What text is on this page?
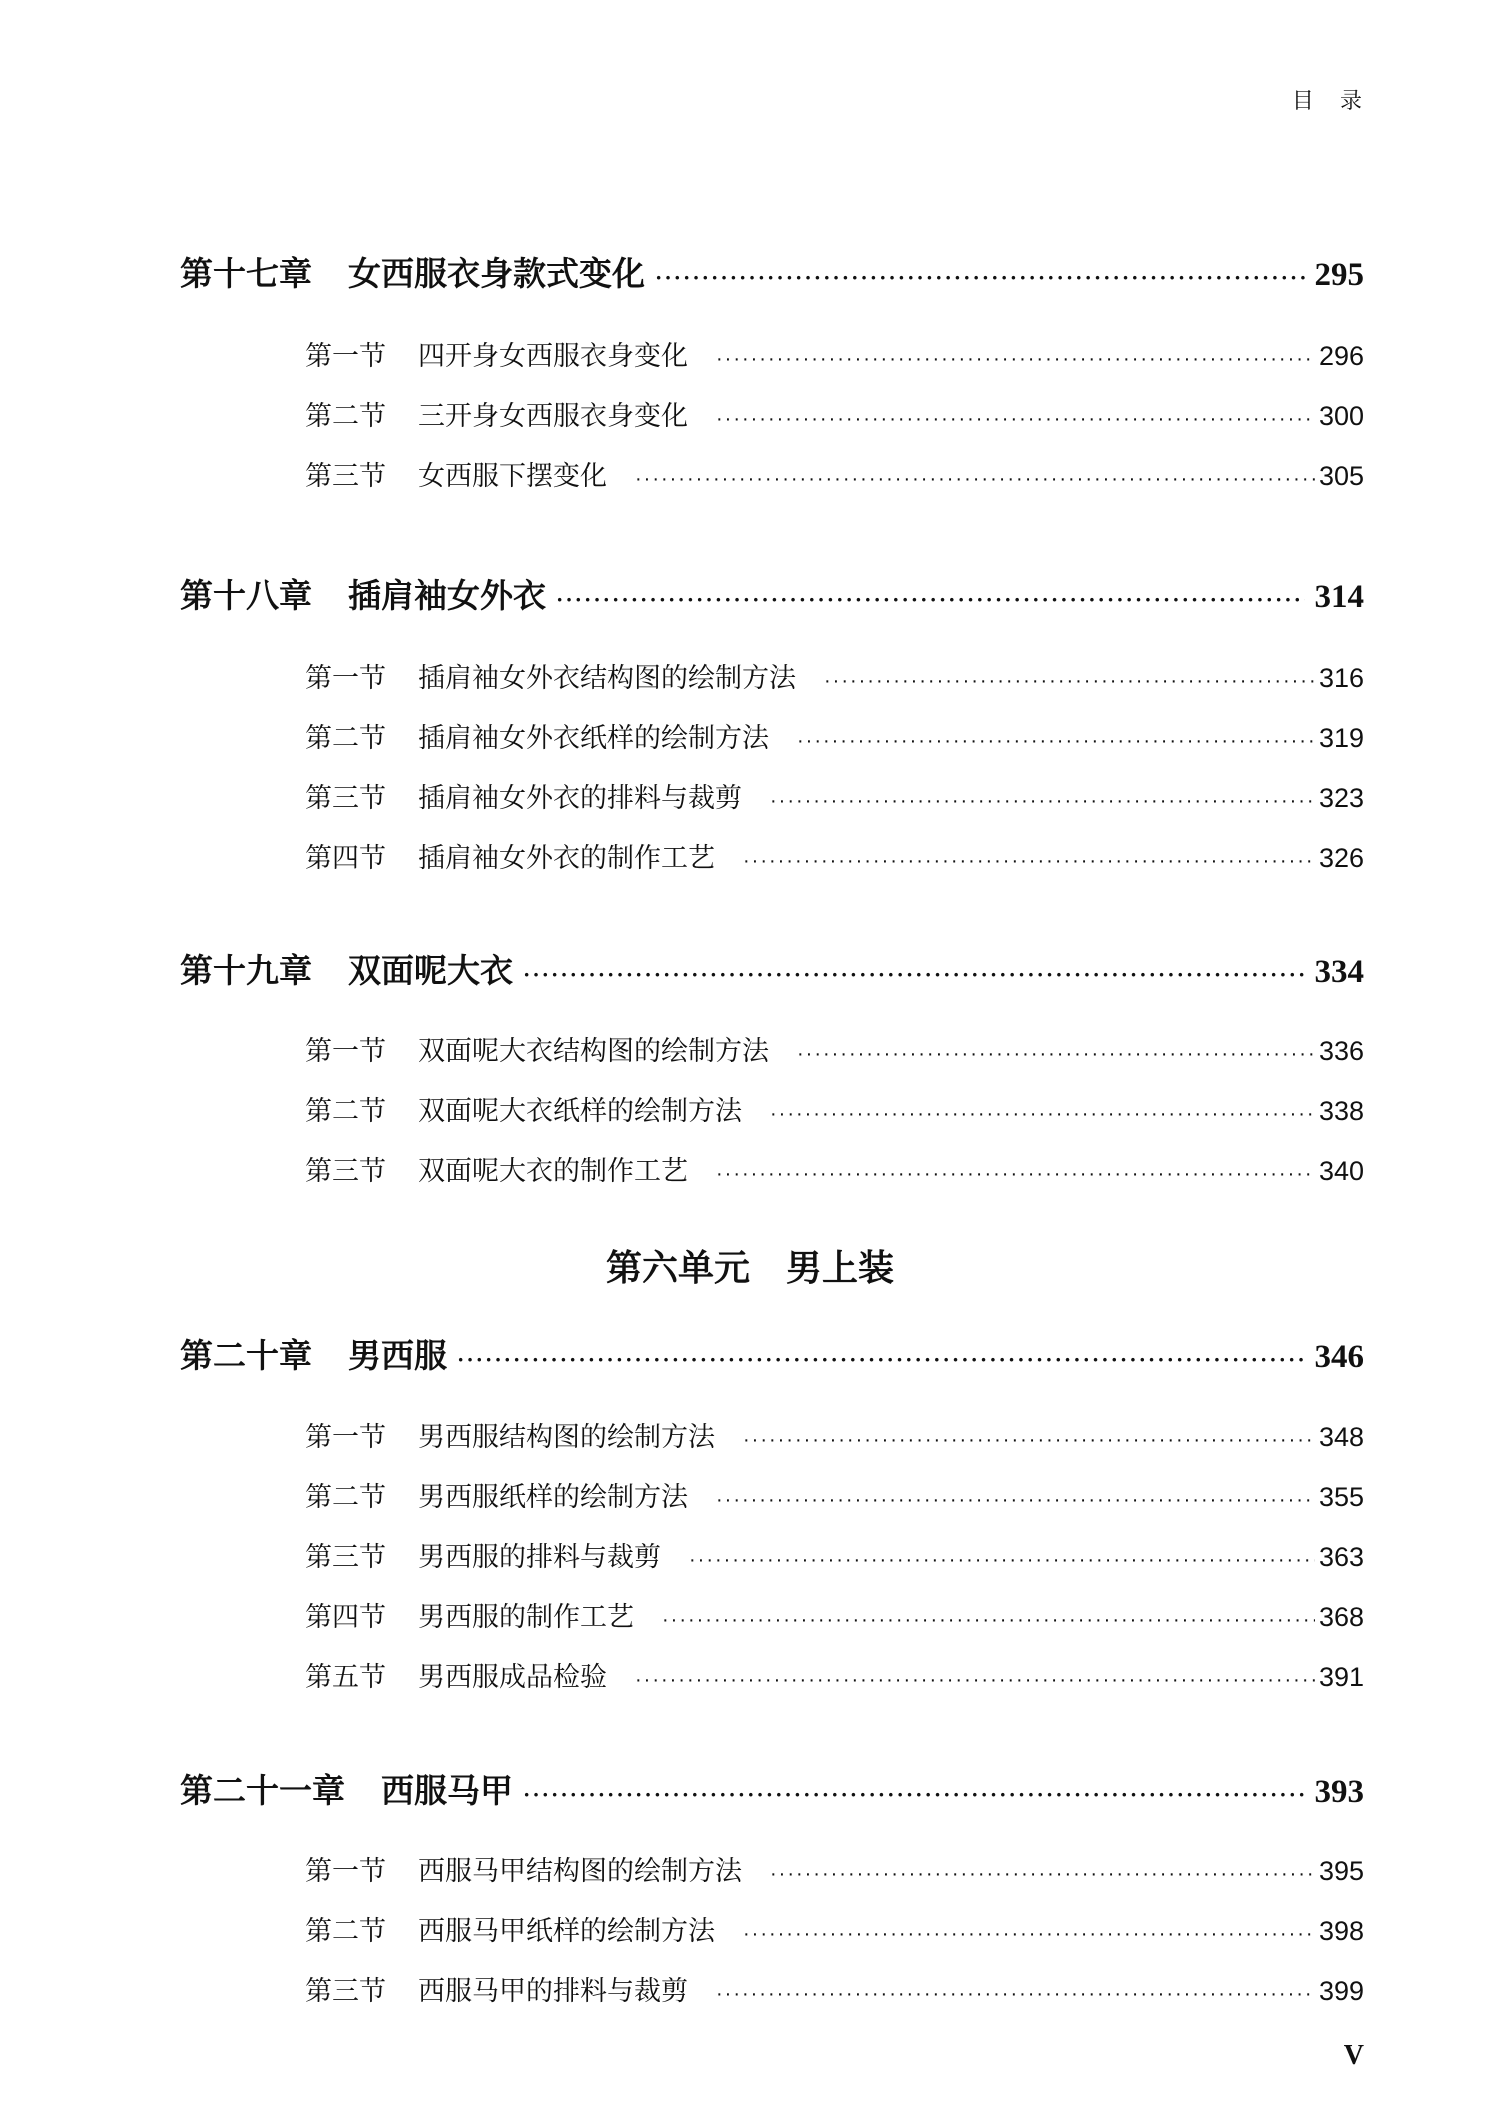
目 录
第十七章 女西服衣身款式变化 ·····	295
第一节 四开身女西服衣身变化 ·····	296
第二节 三开身女西服衣身变化 ·····	300
第三节 女西服下摆变化 ·····	305
第十八章 插肩袖女外衣 ·····	314
第一节 插肩袖女外衣结构图的绘制方法 ·····	316
第二节 插肩袖女外衣纸样的绘制方法 ·····	319
第三节 插肩袖女外衣的排料与裁剪 ·····	323
第四节 插肩袖女外衣的制作工艺 ·····	326
第十九章 双面呢大衣 ·····	334
第一节 双面呢大衣结构图的绘制方法 ·····	336
第二节 双面呢大衣纸样的绘制方法 ·····	338
第三节 双面呢大衣的制作工艺 ·····	340
第六单元 男上装
第二十章 男西服 ·····	346
第一节 男西服结构图的绘制方法 ·····	348
第二节 男西服纸样的绘制方法 ·····	355
第三节 男西服的排料与裁剪 ·····	363
第四节 男西服的制作工艺 ·····	368
第五节 男西服成品检验 ·····	391
第二十一章 西服马甲 ·····	393
第一节 西服马甲结构图的绘制方法 ·····	395
第二节 西服马甲纸样的绘制方法 ·····	398
第三节 西服马甲的排料与裁剪 ·····	399
V
